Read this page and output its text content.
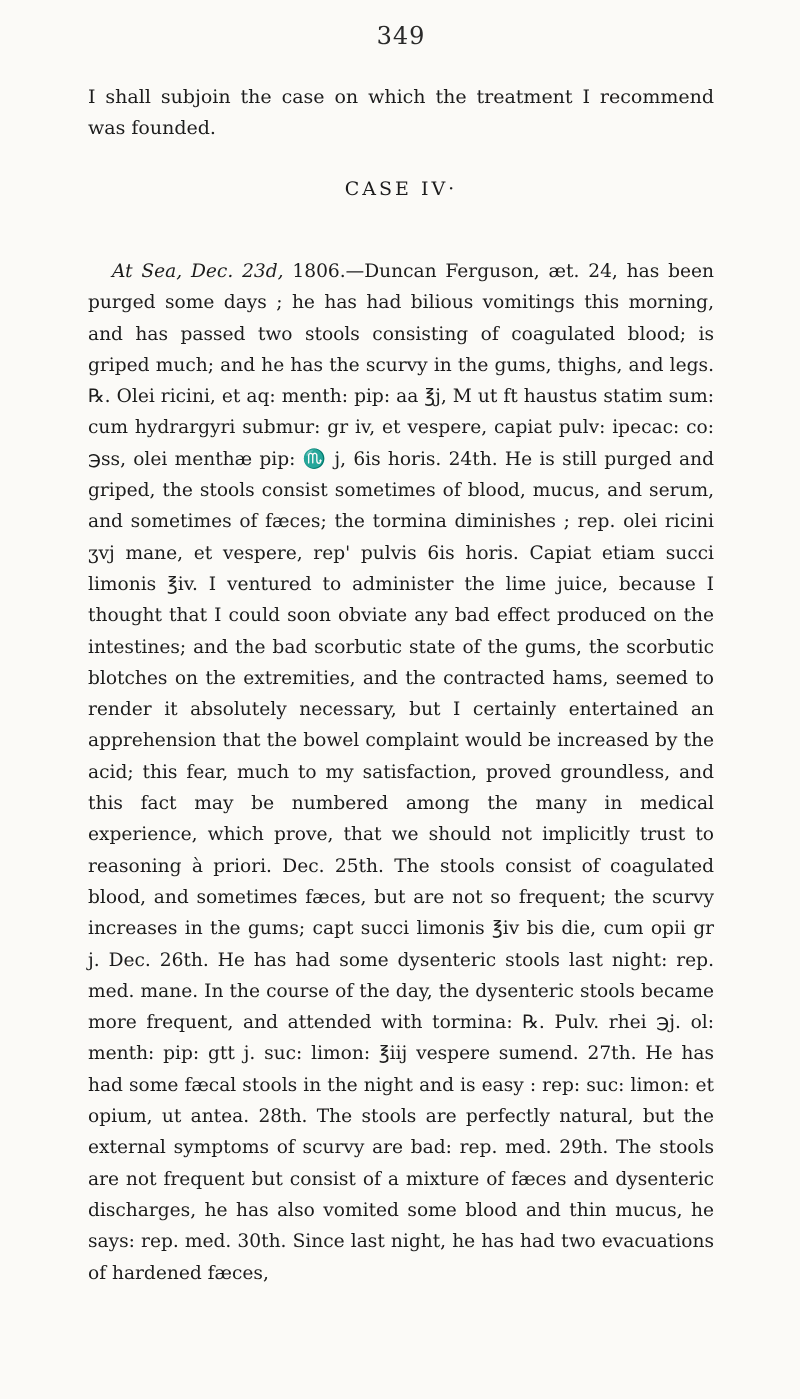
349
I shall subjoin the case on which the treatment I recommend was founded.
CASE IV·

At Sea, Dec. 23d, 1806.—Duncan Ferguson, æt. 24, has been purged some days ; he has had bilious vomitings this morning, and has passed two stools consisting of coagulated blood; is griped much; and he has the scurvy in the gums, thighs, and legs. ℞. Olei ricini, et aq: menth: pip: aa ℥j, M ut ft haustus statim sum: cum hydrargyri submur: gr iv, et vespere, capiat pulv: ipecac: co: ℈ss, olei menthæ pip: ♏ j, 6is horis. 24th. He is still purged and griped, the stools consist sometimes of blood, mucus, and serum, and sometimes of fæces; the tormina diminishes ; rep. olei ricini ʒvj mane, et vespere, rep' pulvis 6is horis. Capiat etiam succi limonis ℥iv. I ventured to administer the lime juice, because I thought that I could soon obviate any bad effect produced on the intestines; and the bad scorbutic state of the gums, the scorbutic blotches on the extremities, and the contracted hams, seemed to render it absolutely necessary, but I certainly entertained an apprehension that the bowel complaint would be increased by the acid; this fear, much to my satisfaction, proved groundless, and this fact may be numbered among the many in medical experience, which prove, that we should not implicitly trust to reasoning à priori. Dec. 25th. The stools consist of coagulated blood, and sometimes fæces, but are not so frequent; the scurvy increases in the gums; capt succi limonis ℥iv bis die, cum opii gr j. Dec. 26th. He has had some dysenteric stools last night: rep. med. mane. In the course of the day, the dysenteric stools became more frequent, and attended with tormina: ℞. Pulv. rhei ℈j. ol: menth: pip: gtt j. suc: limon: ℥iij vespere sumend. 27th. He has had some fæcal stools in the night and is easy : rep: suc: limon: et opium, ut antea. 28th. The stools are perfectly natural, but the external symptoms of scurvy are bad: rep. med. 29th. The stools are not frequent but consist of a mixture of fæces and dysenteric discharges, he has also vomited some blood and thin mucus, he says: rep. med. 30th. Since last night, he has had two evacuations of hardened fæces,
